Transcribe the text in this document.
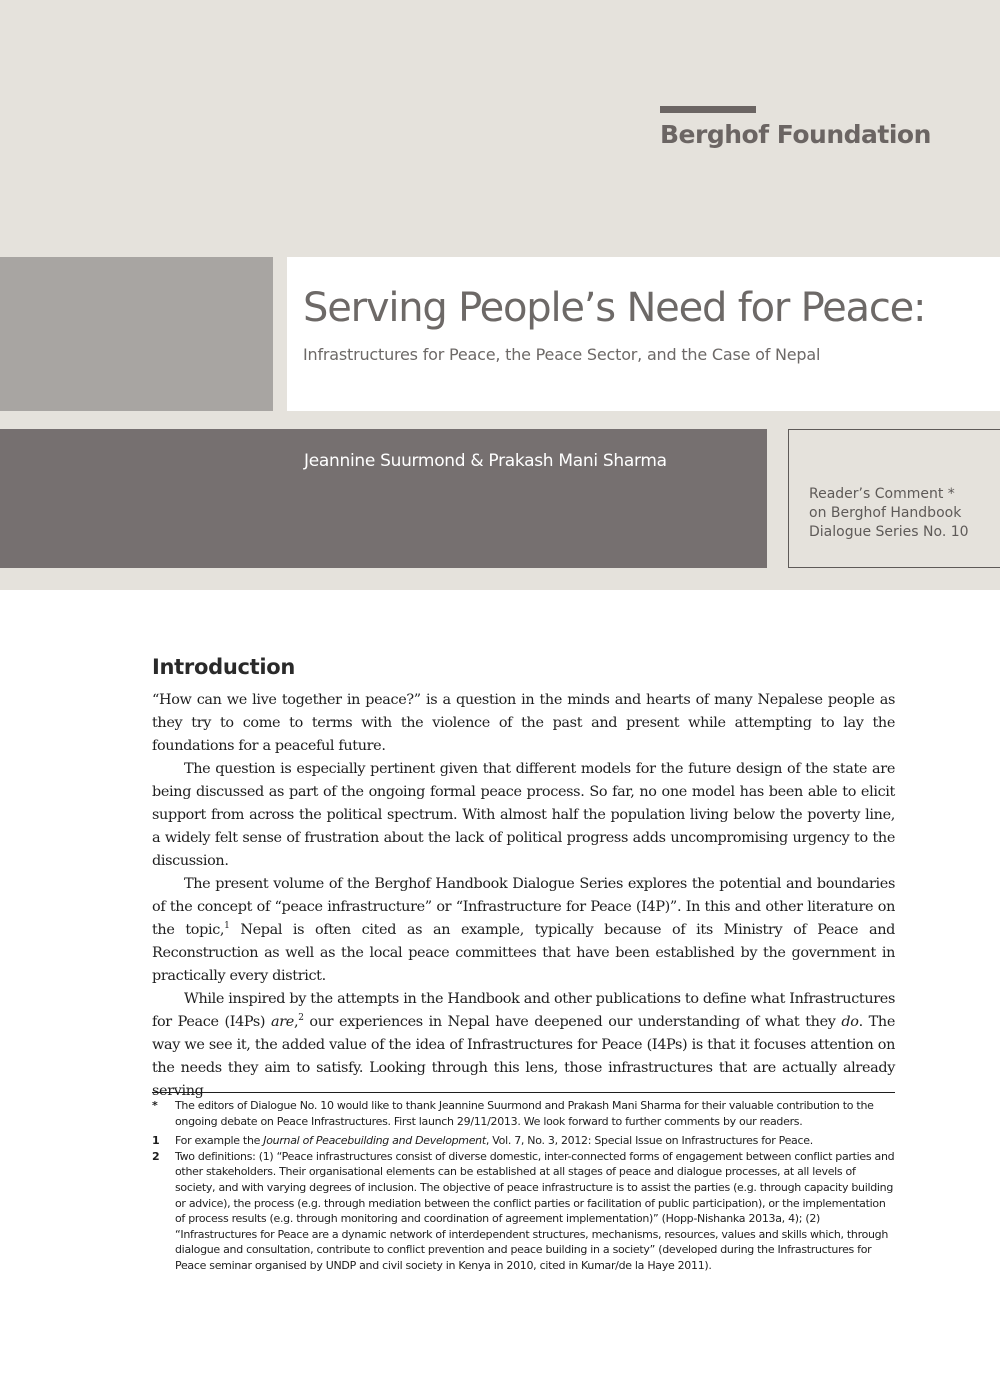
Berghof Foundation
Serving People’s Need for Peace:
Infrastructures for Peace, the Peace Sector, and the Case of Nepal
Jeannine Suurmond & Prakash Mani Sharma
Reader’s Comment *
on Berghof Handbook
Dialogue Series No. 10
Introduction

“How can we live together in peace?” is a question in the minds and hearts of many Nepalese people as they try to come to terms with the violence of the past and present while attempting to lay the foundations for a peaceful future.

The question is especially pertinent given that different models for the future design of the state are being discussed as part of the ongoing formal peace process. So far, no one model has been able to elicit support from across the political spectrum. With almost half the population living below the poverty line, a widely felt sense of frustration about the lack of political progress adds uncompromising urgency to the discussion.

The present volume of the Berghof Handbook Dialogue Series explores the potential and boundaries of the concept of “peace infrastructure” or “Infrastructure for Peace (I4P)”. In this and other literature on the topic,$^1$ Nepal is often cited as an example, typically because of its Ministry of Peace and Reconstruction as well as the local peace committees that have been established by the government in practically every district.

While inspired by the attempts in the Handbook and other publications to define what Infrastructures for Peace (I4Ps) are,$^2$ our experiences in Nepal have deepened our understanding of what they do. The way we see it, the added value of the idea of Infrastructures for Peace (I4Ps) is that it focuses attention on the needs they aim to satisfy. Looking through this lens, those infrastructures that are actually already serving

* The editors of Dialogue No. 10 would like to thank Jeannine Suurmond and Prakash Mani Sharma for their valuable contribution to the ongoing debate on Peace Infrastructures. First launch 29/11/2013. We look forward to further comments by our readers.
1 For example the Journal of Peacebuilding and Development, Vol. 7, No. 3, 2012: Special Issue on Infrastructures for Peace.
2 Two definitions: (1) “Peace infrastructures consist of diverse domestic, inter-connected forms of engagement between conflict parties and other stakeholders. Their organisational elements can be established at all stages of peace and dialogue processes, at all levels of society, and with varying degrees of inclusion. The objective of peace infrastructure is to assist the parties (e.g. through capacity building or advice), the process (e.g. through mediation between the conflict parties or facilitation of public participation), or the implementation of process results (e.g. through monitoring and coordination of agreement implementation)” (Hopp-Nishanka 2013a, 4); (2) “Infrastructures for Peace are a dynamic network of interdependent structures, mechanisms, resources, values and skills which, through dialogue and consultation, contribute to conflict prevention and peace building in a society” (developed during the Infrastructures for Peace seminar organised by UNDP and civil society in Kenya in 2010, cited in Kumar/de la Haye 2011).
